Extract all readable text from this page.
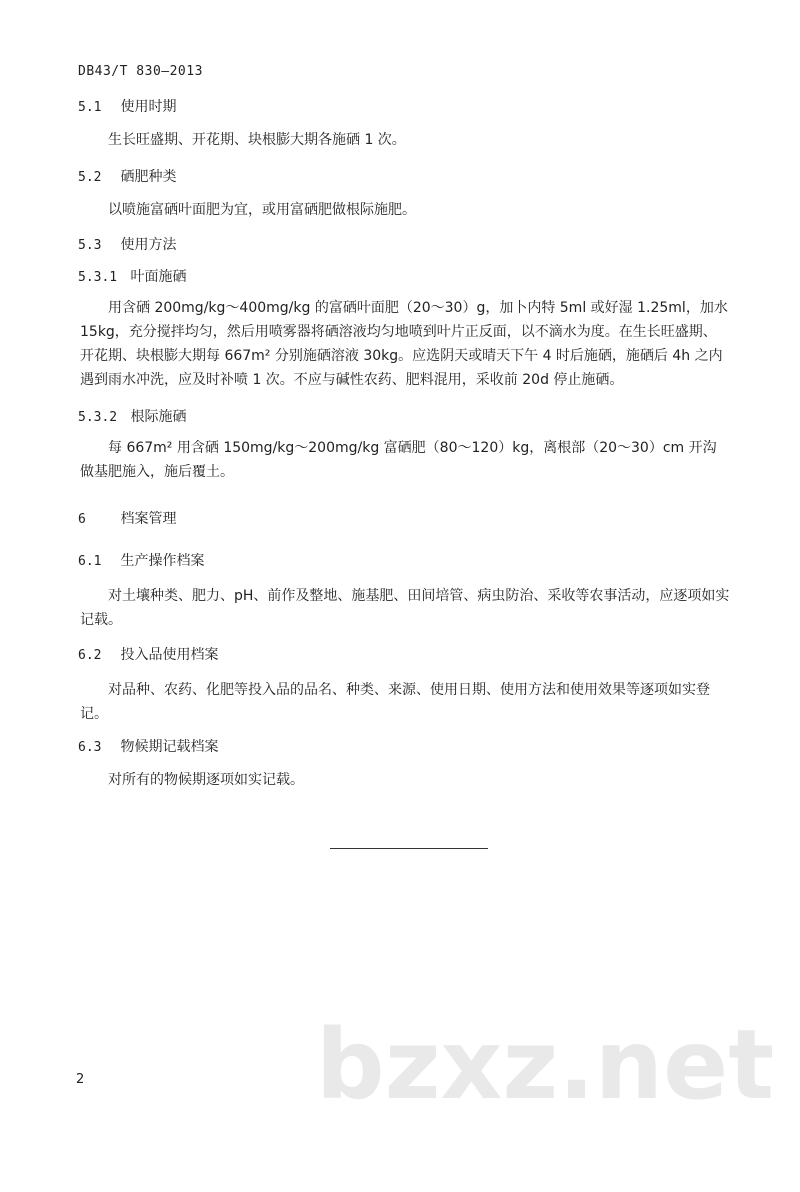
DB43/T 830—2013
5.1 使用时期
生长旺盛期、开花期、块根膨大期各施硒 1 次。
5.2 硒肥种类
以喷施富硒叶面肥为宜，或用富硒肥做根际施肥。
5.3 使用方法
5.3.1 叶面施硒
用含硒 200mg/kg～400mg/kg 的富硒叶面肥（20～30）g，加卜内特 5ml 或好湿 1.25ml，加水 15kg，充分搅拌均匀，然后用喷雾器将硒溶液均匀地喷到叶片正反面，以不滴水为度。在生长旺盛期、开花期、块根膨大期每 667m² 分别施硒溶液 30kg。应选阴天或晴天下午 4 时后施硒，施硒后 4h 之内遇到雨水冲洗，应及时补喷 1 次。不应与碱性农药、肥料混用，采收前 20d 停止施硒。
5.3.2 根际施硒
每 667m² 用含硒 150mg/kg～200mg/kg 富硒肥（80～120）kg，离根部（20～30）cm 开沟做基肥施入，施后覆土。
6 档案管理
6.1 生产操作档案
对土壤种类、肥力、pH、前作及整地、施基肥、田间培管、病虫防治、采收等农事活动，应逐项如实记载。
6.2 投入品使用档案
对品种、农药、化肥等投入品的品名、种类、来源、使用日期、使用方法和使用效果等逐项如实登记。
6.3 物候期记载档案
对所有的物候期逐项如实记载。
2 bzxz.net
